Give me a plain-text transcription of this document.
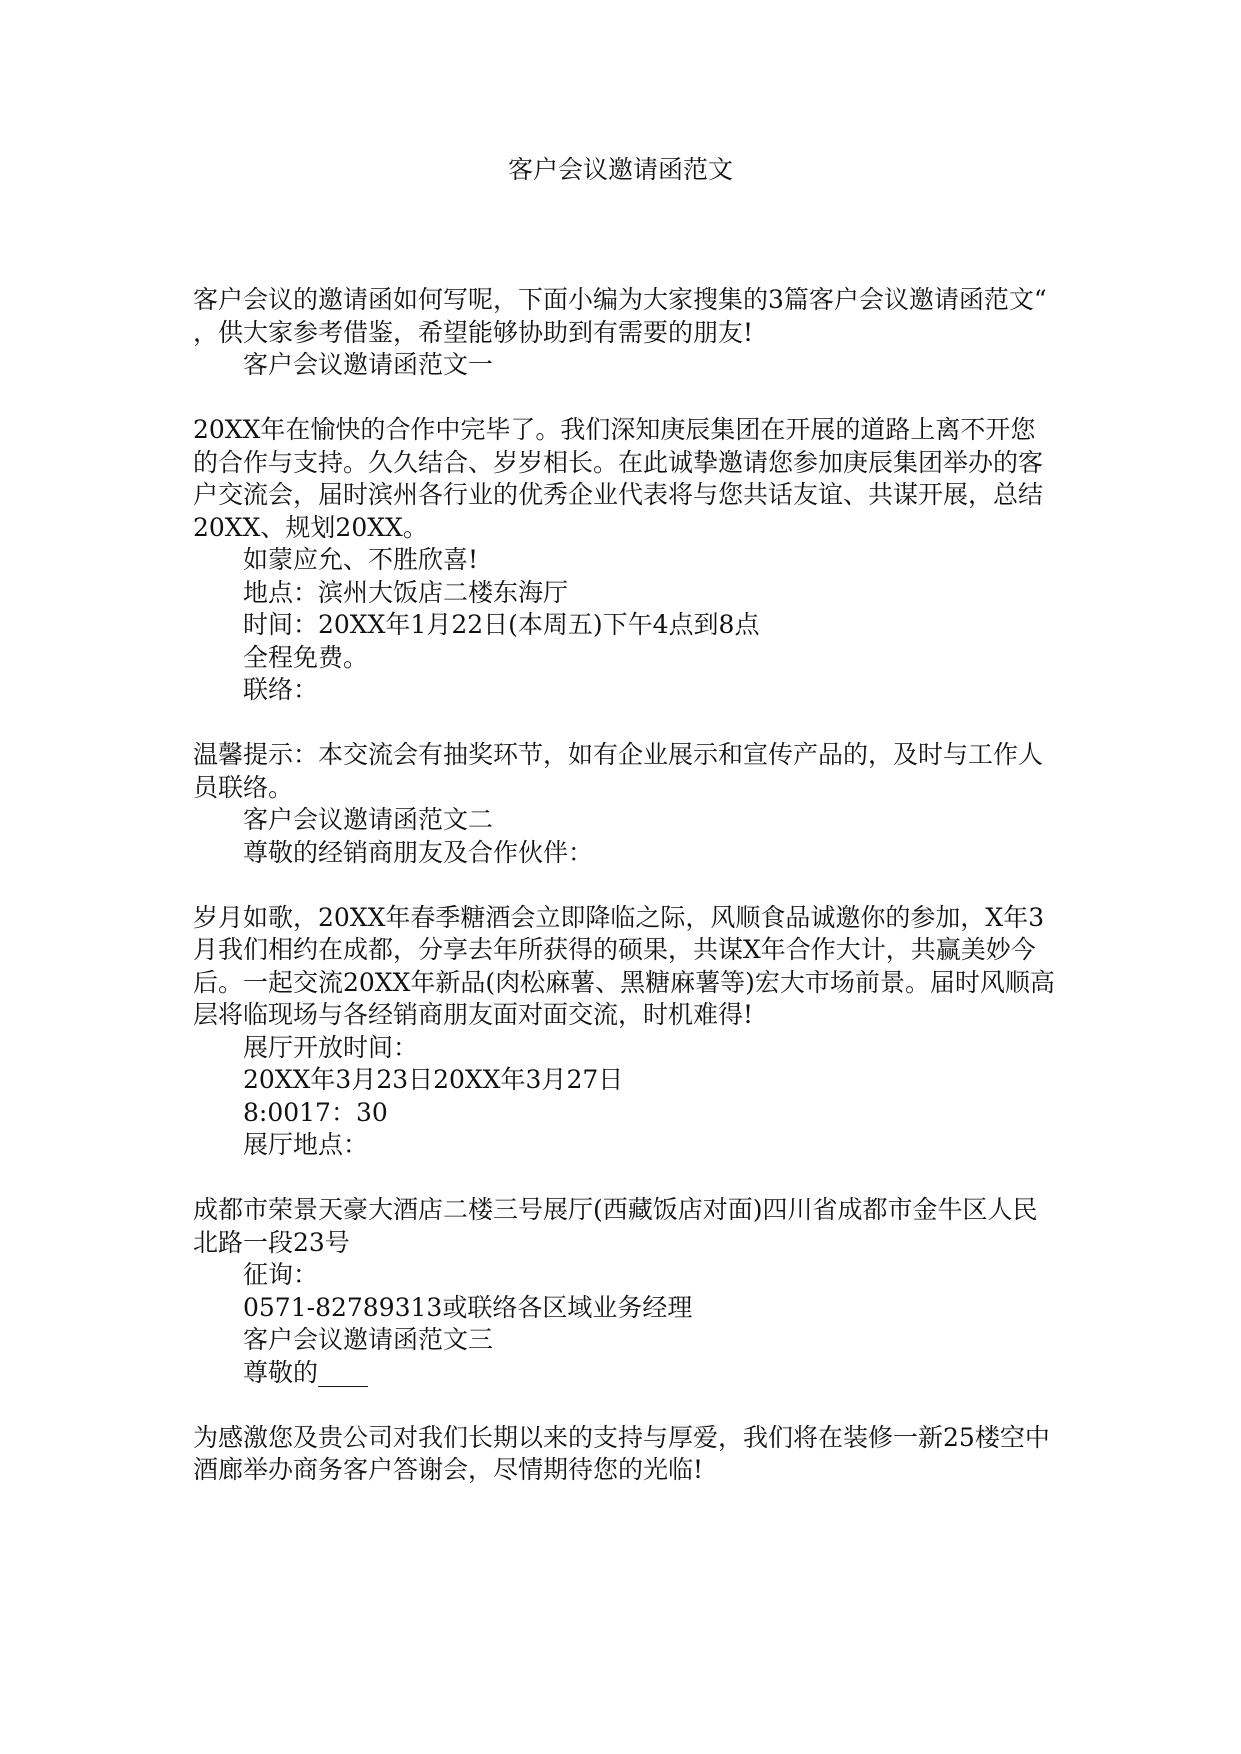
客户会议邀请函范文
客户会议的邀请函如何写呢，下面小编为大家搜集的3篇客户会议邀请函范文“
，供大家参考借鉴，希望能够协助到有需要的朋友!
客户会议邀请函范文一
20XX年在愉快的合作中完毕了。我们深知庚辰集团在开展的道路上离不开您
的合作与支持。久久结合、岁岁相长。在此诚挚邀请您参加庚辰集团举办的客
户交流会，届时滨州各行业的优秀企业代表将与您共话友谊、共谋开展，总结
20XX、规划20XX。
如蒙应允、不胜欣喜!
地点：滨州大饭店二楼东海厅
时间：20XX年1月22日(本周五)下午4点到8点
全程免费。
联络：
温馨提示：本交流会有抽奖环节，如有企业展示和宣传产品的，及时与工作人
员联络。
客户会议邀请函范文二
尊敬的经销商朋友及合作伙伴：
岁月如歌，20XX年春季糖酒会立即降临之际，风顺食品诚邀你的参加，X年3
月我们相约在成都，分享去年所获得的硕果，共谋X年合作大计，共赢美妙今
后。一起交流20XX年新品(肉松麻薯、黑糖麻薯等)宏大市场前景。届时风顺高
层将临现场与各经销商朋友面对面交流，时机难得!
展厅开放时间：
20XX年3月23日20XX年3月27日
8:0017：30
展厅地点：
成都市荣景天豪大酒店二楼三号展厅(西藏饭店对面)四川省成都市金牛区人民
北路一段23号
征询：
0571-82789313或联络各区域业务经理
客户会议邀请函范文三
尊敬的____
为感激您及贵公司对我们长期以来的支持与厚爱，我们将在装修一新25楼空中
酒廊举办商务客户答谢会，尽情期待您的光临!
